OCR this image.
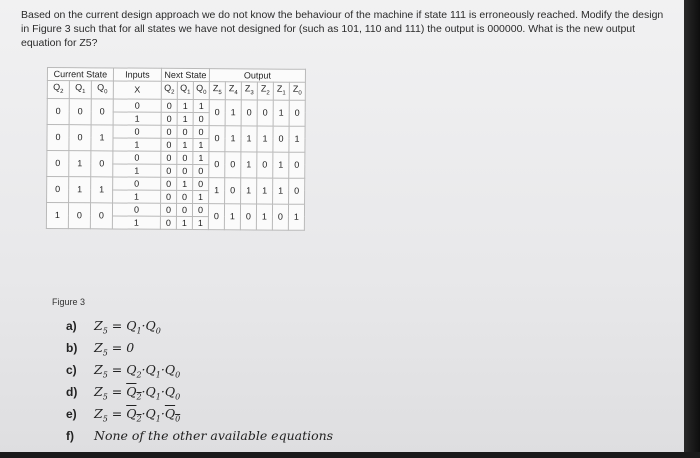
Based on the current design approach we do not know the behaviour of the machine if state 111 is erroneously reached. Modify the design in Figure 3 such that for all states we have not designed for (such as 101, 110 and 111) the output is 000000. What is the new output equation for Z5?
Current State			Inputs	Next State			Output					
$Q_2$	$Q_1$	$Q_0$	X	$Q_2$	$Q_1$	$Q_0$	$Z_5$	$Z_4$	$Z_3$	$Z_2$	$Z_1$	$Z_0$
0	0	0	0	0	1	1	0	1	0	0	1	0
			1	0	1	0						
0	0	1	0	0	0	0	0	1	1	1	0	1
			1	0	1	1						
0	1	0	0	0	0	1	0	0	1	0	1	0
			1	0	0	0						
0	1	1	0	0	1	0	1	0	1	1	1	0
			1	0	0	1						
1	0	0	0	0	0	0	0	1	0	1	0	1
			1	0	1	1						
Figure 3
a)	$Z_5 = Q_1\cdot Q_0$
b)	$Z_5 = 0$
c)	$Z_5 = Q_2\cdot Q_1\cdot Q_0$
d)	$Z_5 = \overline{Q}_2\cdot Q_1\cdot Q_0$
e)	$Z_5 = \overline{Q}_2\cdot Q_1\cdot\overline{Q}_0$
f)	None of the other available equations
